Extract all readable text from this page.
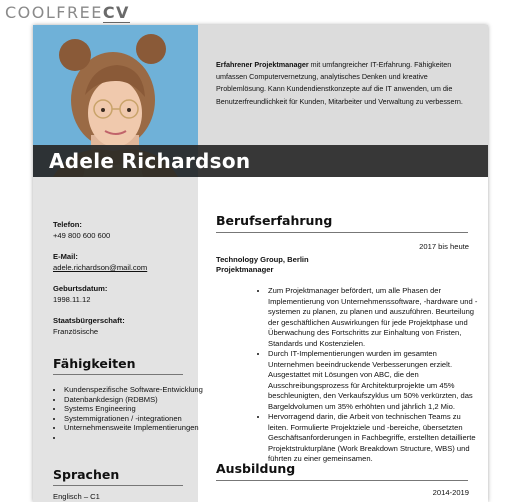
COOLFREECV
Erfahrener Projektmanager mit umfangreicher IT-Erfahrung. Fähigkeiten umfassen Computervernetzung, analytisches Denken und kreative Problemlösung. Kann Kundendienstkonzepte auf die IT anwenden, um die Benutzerfreundlichkeit für Kunden, Mitarbeiter und Verwaltung zu verbessern.
Adele Richardson
Telefon:
+49 800 600 600
E-Mail:
adele.richardson@mail.com
Geburtsdatum:
1998.11.12
Staatsbürgerschaft:
Französische
Fähigkeiten
• Kundenspezifische Software-Entwicklung
• Datenbankdesign (RDBMS)
• Systems Engineering
• Systemmigrationen / -integrationen
• Unternehmensweite Implementierungen
•
Sprachen
Englisch – C1
Berufserfahrung
2017 bis heute
Technology Group, Berlin
Projektmanager
• Zum Projektmanager befördert, um alle Phasen der Implementierung von Unternehmenssoftware, -hardware und -systemen zu planen, zu planen und auszuführen. Beurteilung der geschäftlichen Auswirkungen für jede Projektphase und Überwachung des Fortschritts zur Einhaltung von Fristen, Standards und Kostenzielen.
• Durch IT-Implementierungen wurden im gesamten Unternehmen beeindruckende Verbesserungen erzielt. Ausgestattet mit Lösungen von ABC, die den Ausschreibungsprozess für Architekturprojekte um 45% beschleunigten, den Verkaufszyklus um 50% verkürzten, das Bargeldvolumen um 35% erhöhten und jährlich 1,2 Mio.
• Hervorragend darin, die Arbeit von technischen Teams zu leiten. Formulierte Projektziele und -bereiche, übersetzten Geschäftsanforderungen in Fachbegriffe, erstellten detaillierte Projektstrukturpläne (Work Breakdown Structure, WBS) und führten zu einer gemeinsamen.
Ausbildung
2014-2019
